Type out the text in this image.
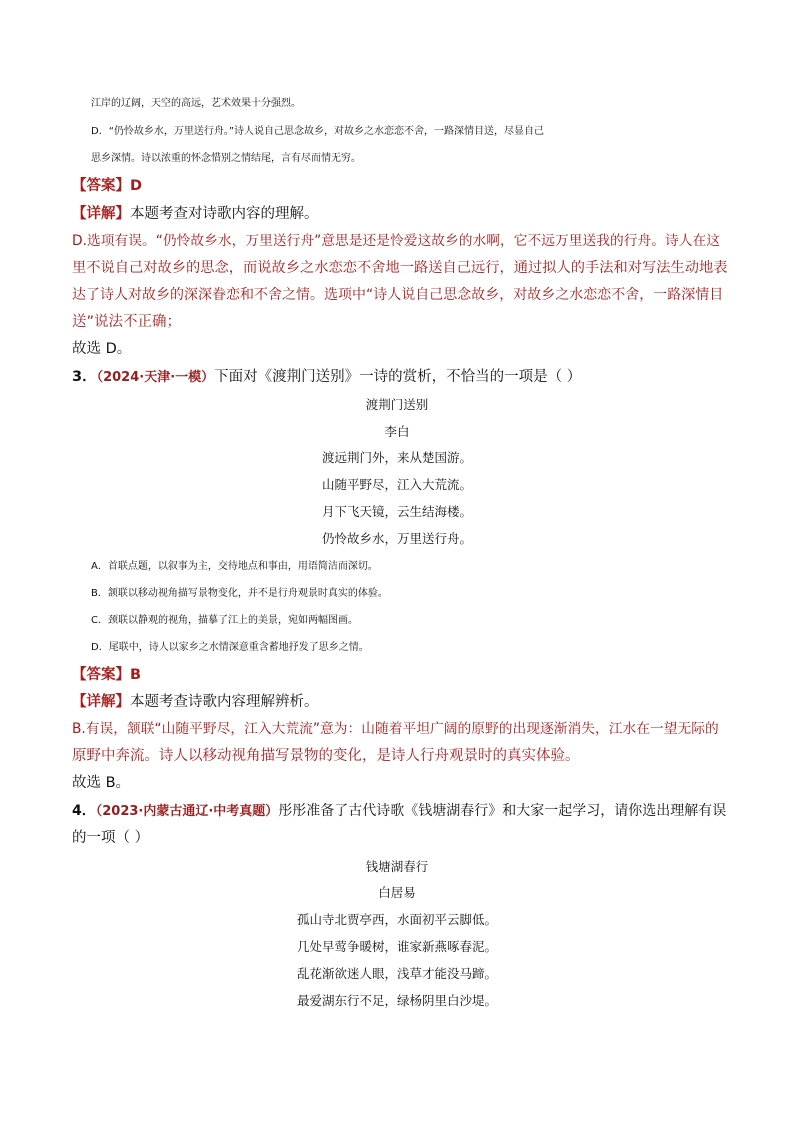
江岸的辽阔，天空的高远，艺术效果十分强烈。
D．“仍怜故乡水，万里送行舟。”诗人说自己思念故乡，对故乡之水恋恋不舍，一路深情目送，尽显自己
思乡深情。诗以浓重的怀念惜别之情结尾，言有尽而情无穷。
【答案】D
【详解】本题考查对诗歌内容的理解。
D.选项有误。“仍怜故乡水，万里送行舟”意思是还是怜爱这故乡的水啊，它不远万里送我的行舟。诗人在这
里不说自己对故乡的思念，而说故乡之水恋恋不舍地一路送自己远行，通过拟人的手法和对写法生动地表
达了诗人对故乡的深深眷恋和不舍之情。选项中“诗人说自己思念故乡，对故乡之水恋恋不舍，一路深情目
送”说法不正确；
故选 D。
3．（2024·天津·一模）下面对《渡荆门送别》一诗的赏析，不恰当的一项是（ ）
渡荆门送别
李白
渡远荆门外，来从楚国游。
山随平野尽，江入大荒流。
月下飞天镜，云生结海楼。
仍怜故乡水，万里送行舟。
A．首联点题，以叙事为主，交待地点和事由，用语简洁而深切。
B．颔联以移动视角描写景物变化，并不是行舟观景时真实的体验。
C．颈联以静观的视角，描摹了江上的美景，宛如两幅图画。
D．尾联中，诗人以家乡之水情深意重含蓄地抒发了思乡之情。
【答案】B
【详解】本题考查诗歌内容理解辨析。
B.有误，颔联“山随平野尽，江入大荒流”意为：山随着平坦广阔的原野的出现逐渐消失，江水在一望无际的
原野中奔流。诗人以移动视角描写景物的变化，是诗人行舟观景时的真实体验。
故选 B。
4．（2023·内蒙古通辽·中考真题）彤彤准备了古代诗歌《钱塘湖春行》和大家一起学习，请你选出理解有误
的一项（ ）
钱塘湖春行
白居易
孤山寺北贾亭西，水面初平云脚低。
几处早莺争暖树，谁家新燕啄春泥。
乱花渐欲迷人眼，浅草才能没马蹄。
最爱湖东行不足，绿杨阴里白沙堤。
